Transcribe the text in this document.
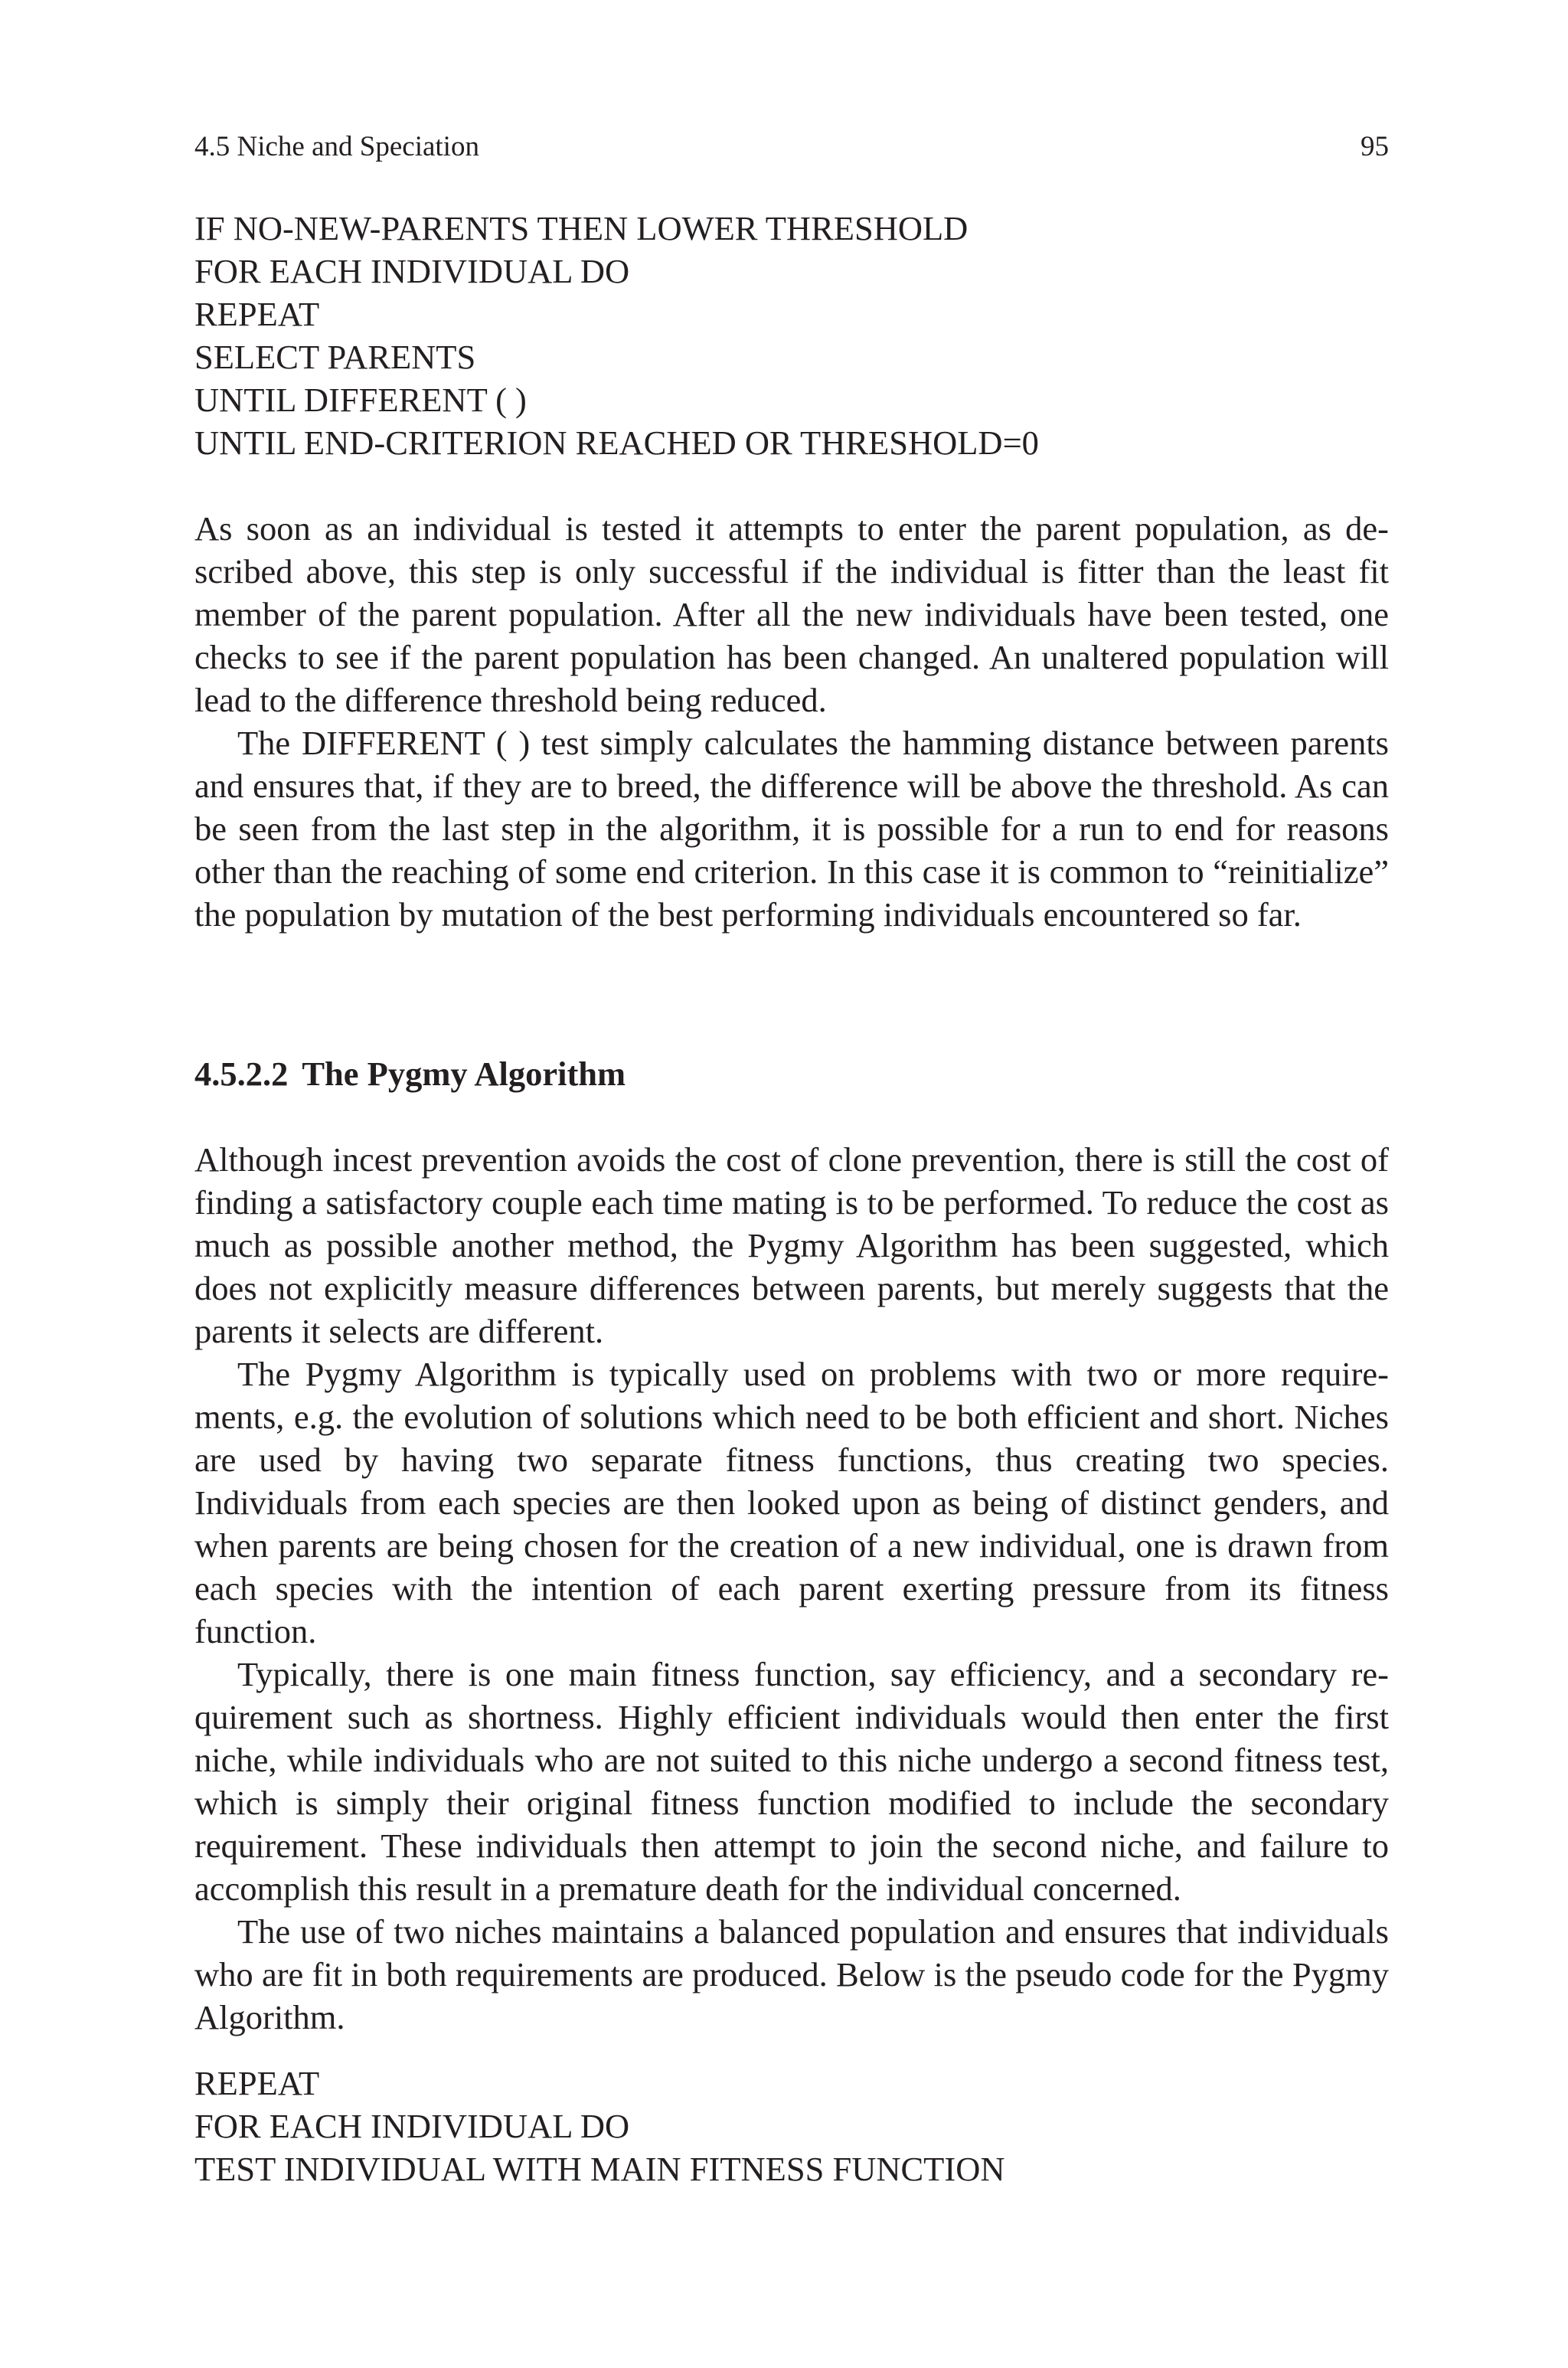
4.5 Niche and Speciation	95
IF NO-NEW-PARENTS THEN LOWER THRESHOLD
FOR EACH INDIVIDUAL DO
REPEAT
SELECT PARENTS
UNTIL DIFFERENT ( )
UNTIL END-CRITERION REACHED OR THRESHOLD=0

As soon as an individual is tested it attempts to enter the parent population, as described above, this step is only successful if the individual is fitter than the least fit member of the parent population. After all the new individuals have been tested, one checks to see if the parent population has been changed. An unaltered population will lead to the difference threshold being reduced.

The DIFFERENT ( ) test simply calculates the hamming distance between parents and ensures that, if they are to breed, the difference will be above the threshold. As can be seen from the last step in the algorithm, it is possible for a run to end for reasons other than the reaching of some end criterion. In this case it is common to “reinitialize” the population by mutation of the best performing individuals encountered so far.

4.5.2.2 The Pygmy Algorithm

Although incest prevention avoids the cost of clone prevention, there is still the cost of finding a satisfactory couple each time mating is to be performed. To reduce the cost as much as possible another method, the Pygmy Algorithm has been suggested, which does not explicitly measure differences between parents, but merely suggests that the parents it selects are different.

The Pygmy Algorithm is typically used on problems with two or more requirements, e.g. the evolution of solutions which need to be both efficient and short. Niches are used by having two separate fitness functions, thus creating two species. Individuals from each species are then looked upon as being of distinct genders, and when parents are being chosen for the creation of a new individual, one is drawn from each species with the intention of each parent exerting pressure from its fitness function.

Typically, there is one main fitness function, say efficiency, and a secondary requirement such as shortness. Highly efficient individuals would then enter the first niche, while individuals who are not suited to this niche undergo a second fitness test, which is simply their original fitness function modified to include the secondary requirement. These individuals then attempt to join the second niche, and failure to accomplish this result in a premature death for the individual concerned.

The use of two niches maintains a balanced population and ensures that individuals who are fit in both requirements are produced. Below is the pseudo code for the Pygmy Algorithm.

REPEAT
FOR EACH INDIVIDUAL DO
TEST INDIVIDUAL WITH MAIN FITNESS FUNCTION
